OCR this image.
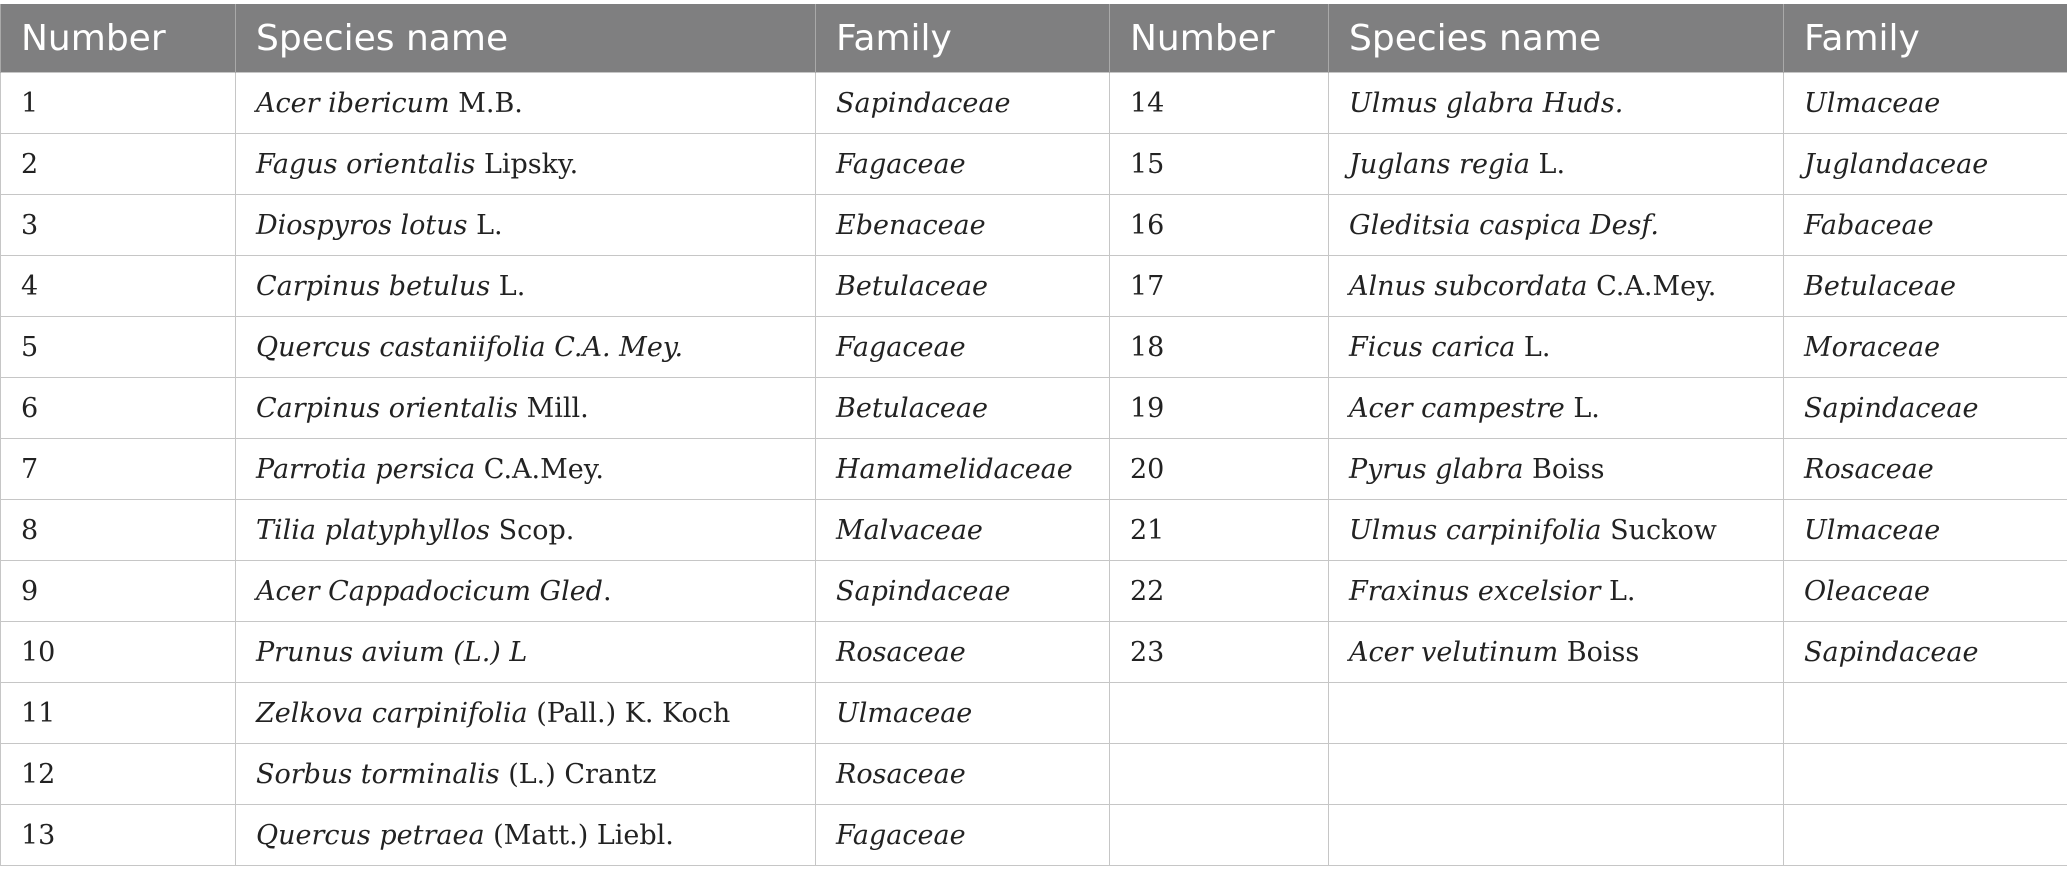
Number	Species name	Family	Number	Species name	Family
1	Acer ibericum M.B.	Sapindaceae	14	Ulmus glabra Huds.	Ulmaceae
2	Fagus orientalis Lipsky.	Fagaceae	15	Juglans regia L.	Juglandaceae
3	Diospyros lotus L.	Ebenaceae	16	Gleditsia caspica Desf.	Fabaceae
4	Carpinus betulus L.	Betulaceae	17	Alnus subcordata C.A.Mey.	Betulaceae
5	Quercus castaniifolia C.A. Mey.	Fagaceae	18	Ficus carica L.	Moraceae
6	Carpinus orientalis Mill.	Betulaceae	19	Acer campestre L.	Sapindaceae
7	Parrotia persica C.A.Mey.	Hamamelidaceae	20	Pyrus glabra Boiss	Rosaceae
8	Tilia platyphyllos Scop.	Malvaceae	21	Ulmus carpinifolia Suckow	Ulmaceae
9	Acer Cappadocicum Gled.	Sapindaceae	22	Fraxinus excelsior L.	Oleaceae
10	Prunus avium (L.) L	Rosaceae	23	Acer velutinum Boiss	Sapindaceae
11	Zelkova carpinifolia (Pall.) K. Koch	Ulmaceae			
12	Sorbus torminalis (L.) Crantz	Rosaceae			
13	Quercus petraea (Matt.) Liebl.	Fagaceae			
